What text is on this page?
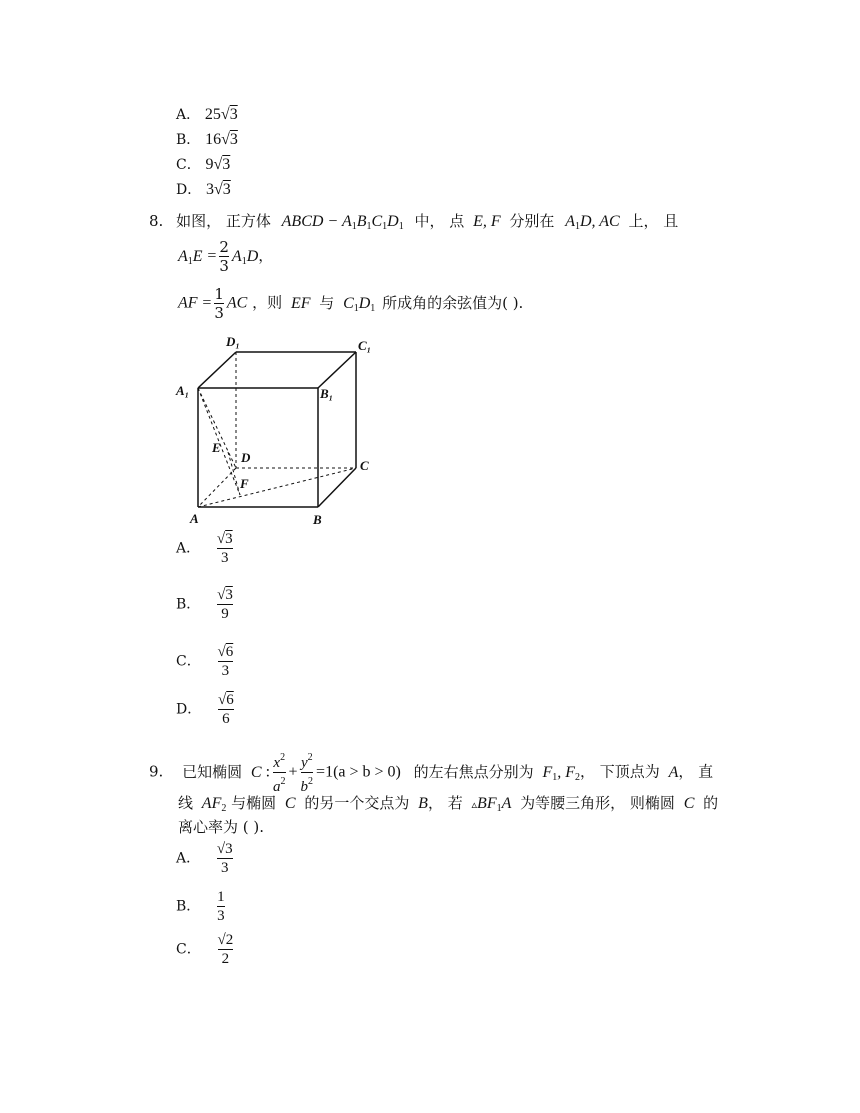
A． 25√3
B． 16√3
C． 9√3
D． 3√3
8. 如图， 正方体 ABCD − $A_1B_1C_1D_1$ 中， 点 E, F 分别在 $A_1D$, AC 上， 且
$A_1E = \frac{2}{3} A_1D$，
AF = $\frac{1}{3}$ AC ，则 EF 与 $C_1D_1$ 所成角的余弦值为( ).
D₁	C₁
A₁	B₁
E
D
C
F
A	B
A． $\frac{√3}{3}$
B． $\frac{√3}{9}$
C． $\frac{√6}{3}$
D． $\frac{√6}{6}$
9. 已知椭圆 C : $\frac{x^2}{a^2} + \frac{y^2}{b^2} =1(a > b > 0)$ 的左右焦点分别为 $F_1$, $F_2$， 下顶点为 A， 直
线 $AF_2$ 与椭圆 C 的另一个交点为 B， 若 $▵BF_1A$ 为等腰三角形， 则椭圆 C 的
离心率为 ( ).
A． $\frac{√3}{3}$
B． $\frac{1}{3}$
C． $\frac{√2}{2}$
